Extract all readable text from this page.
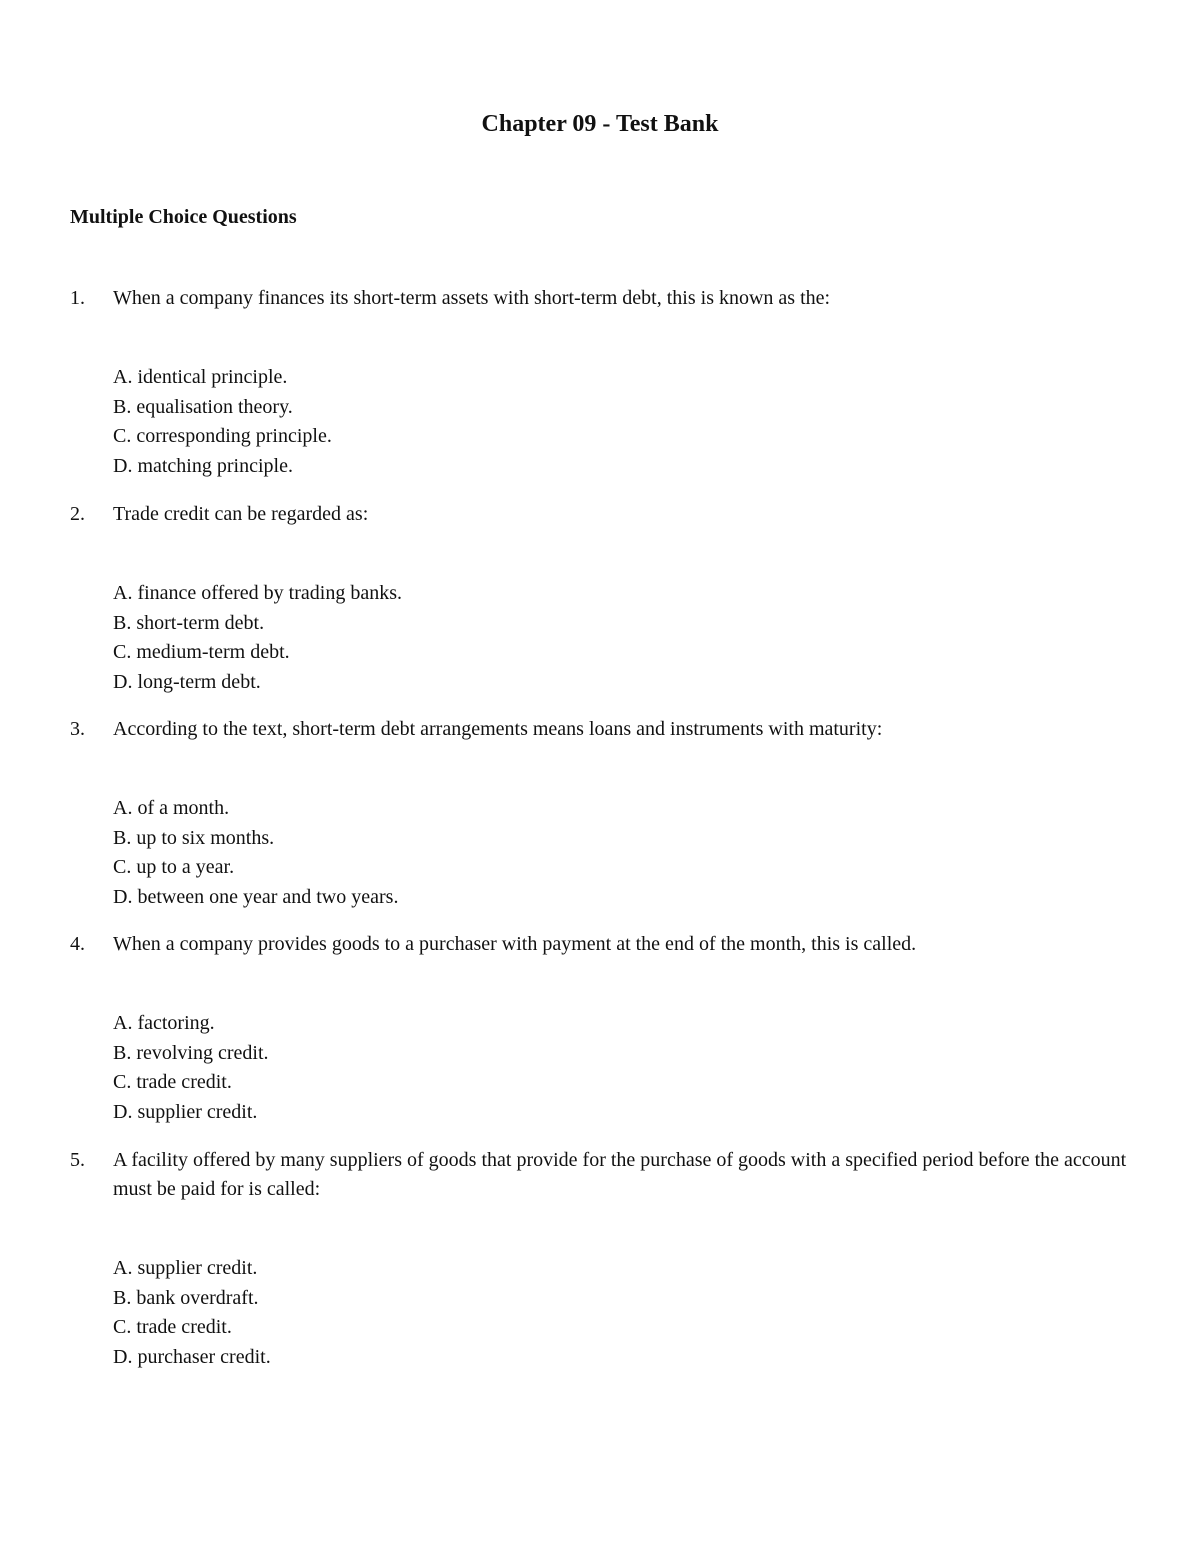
Chapter 09 - Test Bank
Multiple Choice Questions
1. When a company finances its short-term assets with short-term debt, this is known as the:
A. identical principle.
B. equalisation theory.
C. corresponding principle.
D. matching principle.
2. Trade credit can be regarded as:
A. finance offered by trading banks.
B. short-term debt.
C. medium-term debt.
D. long-term debt.
3. According to the text, short-term debt arrangements means loans and instruments with maturity:
A. of a month.
B. up to six months.
C. up to a year.
D. between one year and two years.
4. When a company provides goods to a purchaser with payment at the end of the month, this is called.
A. factoring.
B. revolving credit.
C. trade credit.
D. supplier credit.
5. A facility offered by many suppliers of goods that provide for the purchase of goods with a specified period before the account must be paid for is called:
A. supplier credit.
B. bank overdraft.
C. trade credit.
D. purchaser credit.
